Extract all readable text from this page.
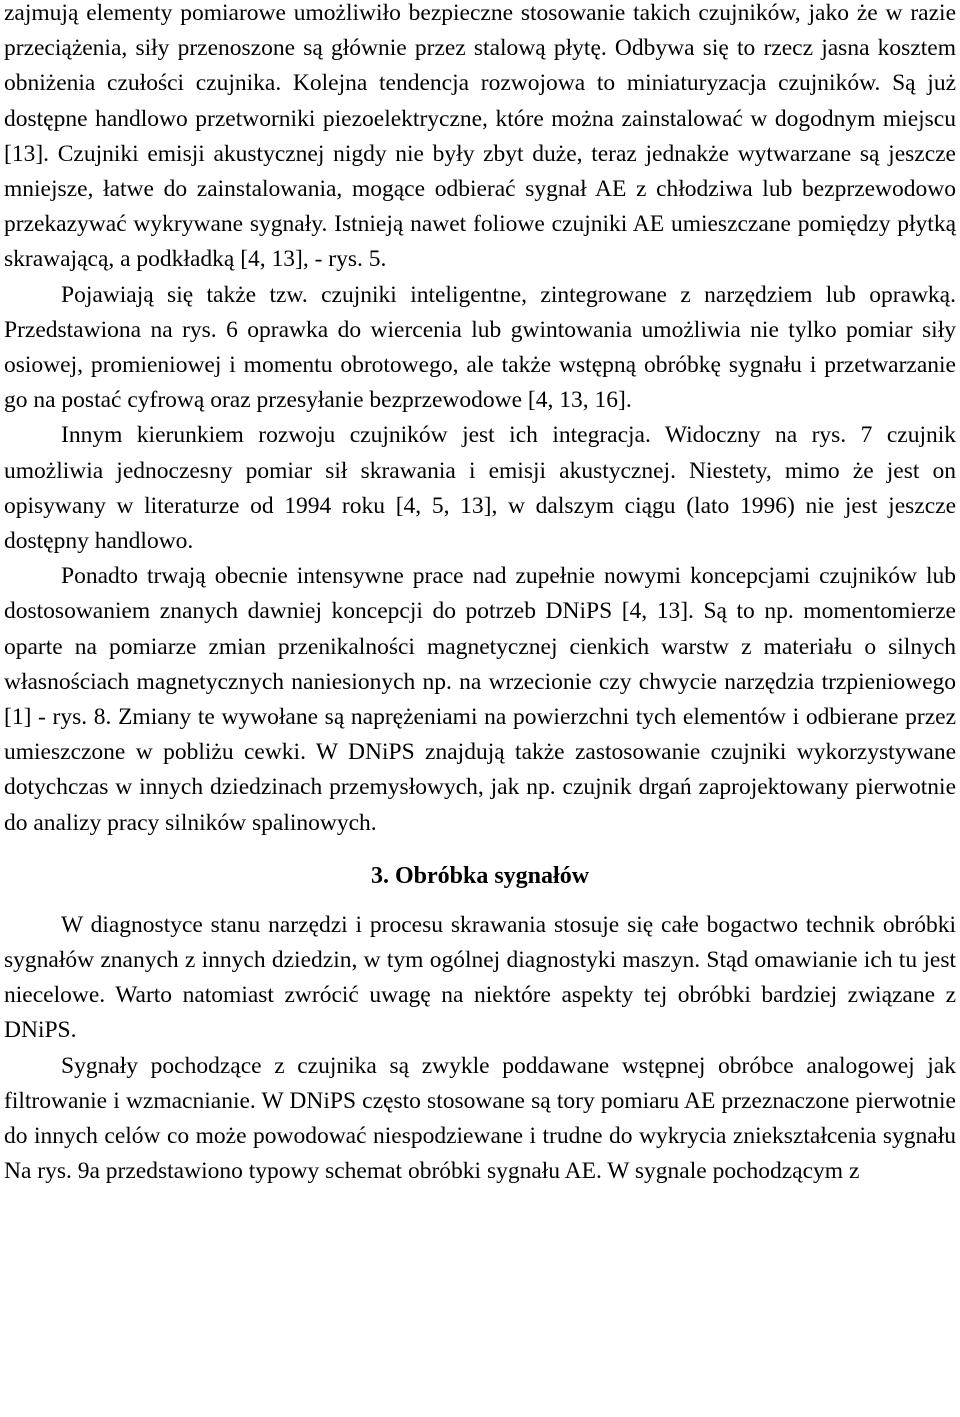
zajmują elementy pomiarowe umożliwiło bezpieczne stosowanie takich czujników, jako że w razie przeciążenia, siły przenoszone są głównie przez stalową płytę. Odbywa się to rzecz jasna kosztem obniżenia czułości czujnika. Kolejna tendencja rozwojowa to miniaturyzacja czujników. Są już dostępne handlowo przetworniki piezoelektryczne, które można zainstalować w dogodnym miejscu [13]. Czujniki emisji akustycznej nigdy nie były zbyt duże, teraz jednakże wytwarzane są jeszcze mniejsze, łatwe do zainstalowania, mogące odbierać sygnał AE z chłodziwa lub bezprzewodowo przekazywać wykrywane sygnały. Istnieją nawet foliowe czujniki AE umieszczane pomiędzy płytką skrawającą, a podkładką [4, 13], - rys. 5.

Pojawiają się także tzw. czujniki inteligentne, zintegrowane z narzędziem lub oprawką. Przedstawiona na rys. 6 oprawka do wiercenia lub gwintowania umożliwia nie tylko pomiar siły osiowej, promieniowej i momentu obrotowego, ale także wstępną obróbkę sygnału i przetwarzanie go na postać cyfrową oraz przesyłanie bezprzewodowe [4, 13, 16].

Innym kierunkiem rozwoju czujników jest ich integracja. Widoczny na rys. 7 czujnik umożliwia jednoczesny pomiar sił skrawania i emisji akustycznej. Niestety, mimo że jest on opisywany w literaturze od 1994 roku [4, 5, 13], w dalszym ciągu (lato 1996) nie jest jeszcze dostępny handlowo.

Ponadto trwają obecnie intensywne prace nad zupełnie nowymi koncepcjami czujników lub dostosowaniem znanych dawniej koncepcji do potrzeb DNiPS [4, 13]. Są to np. momentomierze oparte na pomiarze zmian przenikalności magnetycznej cienkich warstw z materiału o silnych własnościach magnetycznych naniesionych np. na wrzecionie czy chwycie narzędzia trzpieniowego [1] - rys. 8. Zmiany te wywołane są naprężeniami na powierzchni tych elementów i odbierane przez umieszczone w pobliżu cewki. W DNiPS znajdują także zastosowanie czujniki wykorzystywane dotychczas w innych dziedzinach przemysłowych, jak np. czujnik drgań zaprojektowany pierwotnie do analizy pracy silników spalinowych.

3. Obróbka sygnałów

W diagnostyce stanu narzędzi i procesu skrawania stosuje się całe bogactwo technik obróbki sygnałów znanych z innych dziedzin, w tym ogólnej diagnostyki maszyn. Stąd omawianie ich tu jest niecelowe. Warto natomiast zwrócić uwagę na niektóre aspekty tej obróbki bardziej związane z DNiPS.

Sygnały pochodzące z czujnika są zwykle poddawane wstępnej obróbce analogowej jak filtrowanie i wzmacnianie. W DNiPS często stosowane są tory pomiaru AE przeznaczone pierwotnie do innych celów co może powodować niespodziewane i trudne do wykrycia zniekształcenia sygnału Na rys. 9a przedstawiono typowy schemat obróbki sygnału AE. W sygnale pochodzącym z
